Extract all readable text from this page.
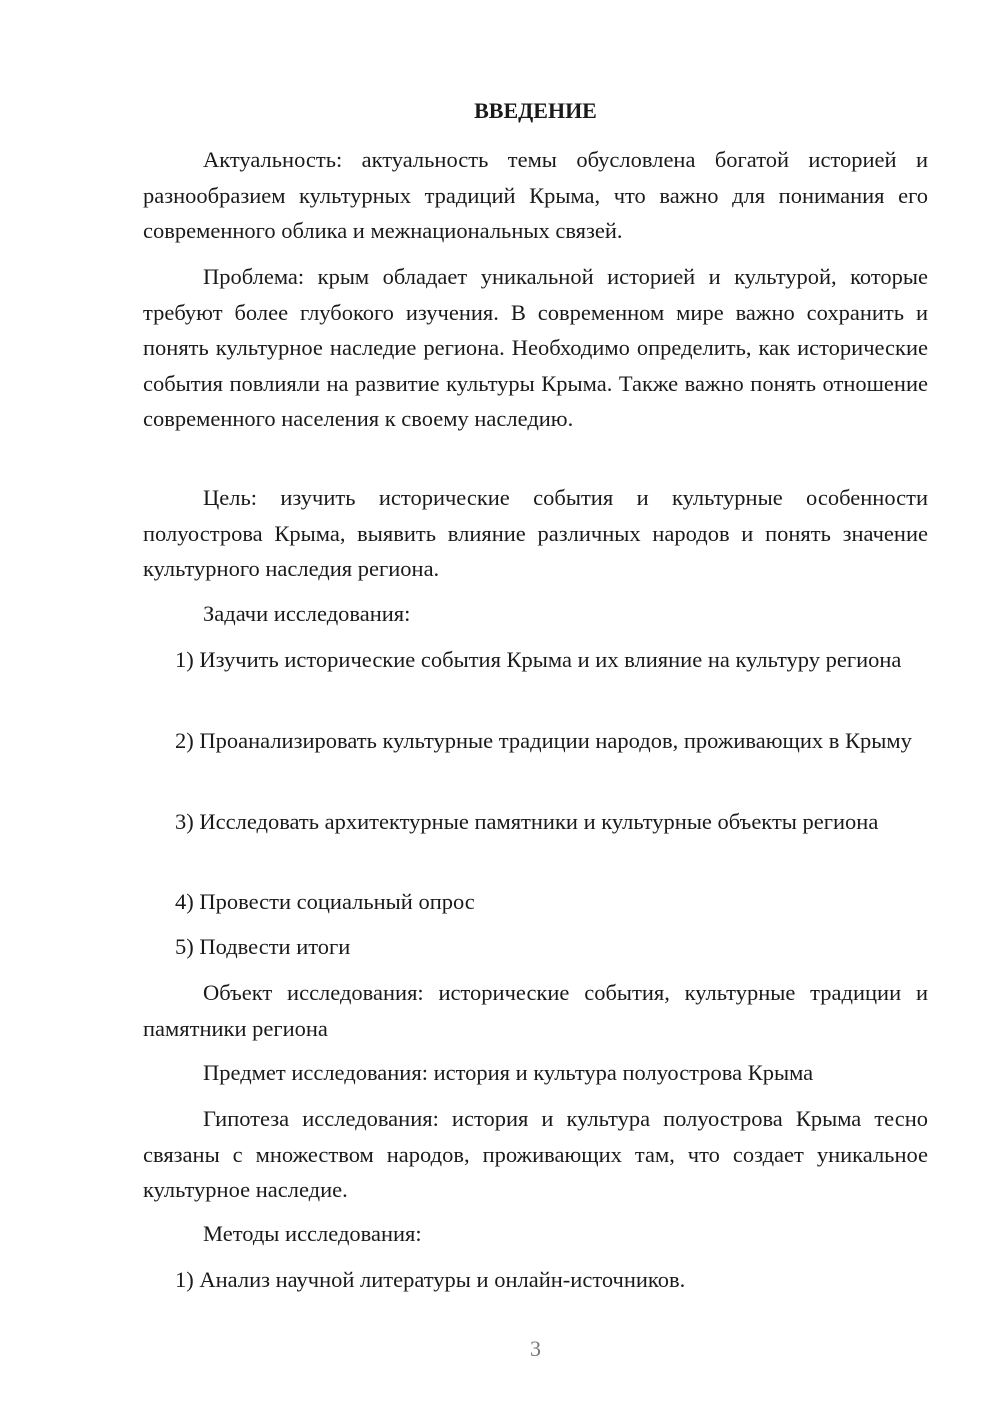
ВВЕДЕНИЕ

Актуальность: актуальность темы обусловлена богатой историей и разнообразием культурных традиций Крыма, что важно для понимания его современного облика и межнациональных связей.

Проблема: крым обладает уникальной историей и культурой, которые требуют более глубокого изучения. В современном мире важно сохранить и понять культурное наследие региона. Необходимо определить, как исторические события повлияли на развитие культуры Крыма. Также важно понять отношение современного населения к своему наследию.

Цель: изучить исторические события и культурные особенности полуострова Крыма, выявить влияние различных народов и понять значение культурного наследия региона.

Задачи исследования:

1) Изучить исторические события Крыма и их влияние на культуру региона

2) Проанализировать культурные традиции народов, проживающих в Крыму

3) Исследовать архитектурные памятники и культурные объекты региона

4) Провести социальный опрос

5) Подвести итоги

Объект исследования: исторические события, культурные традиции и памятники региона

Предмет исследования: история и культура полуострова Крыма

Гипотеза исследования: история и культура полуострова Крыма тесно связаны с множеством народов, проживающих там, что создает уникальное культурное наследие.

Методы исследования:

1) Анализ научной литературы и онлайн-источников.

3
